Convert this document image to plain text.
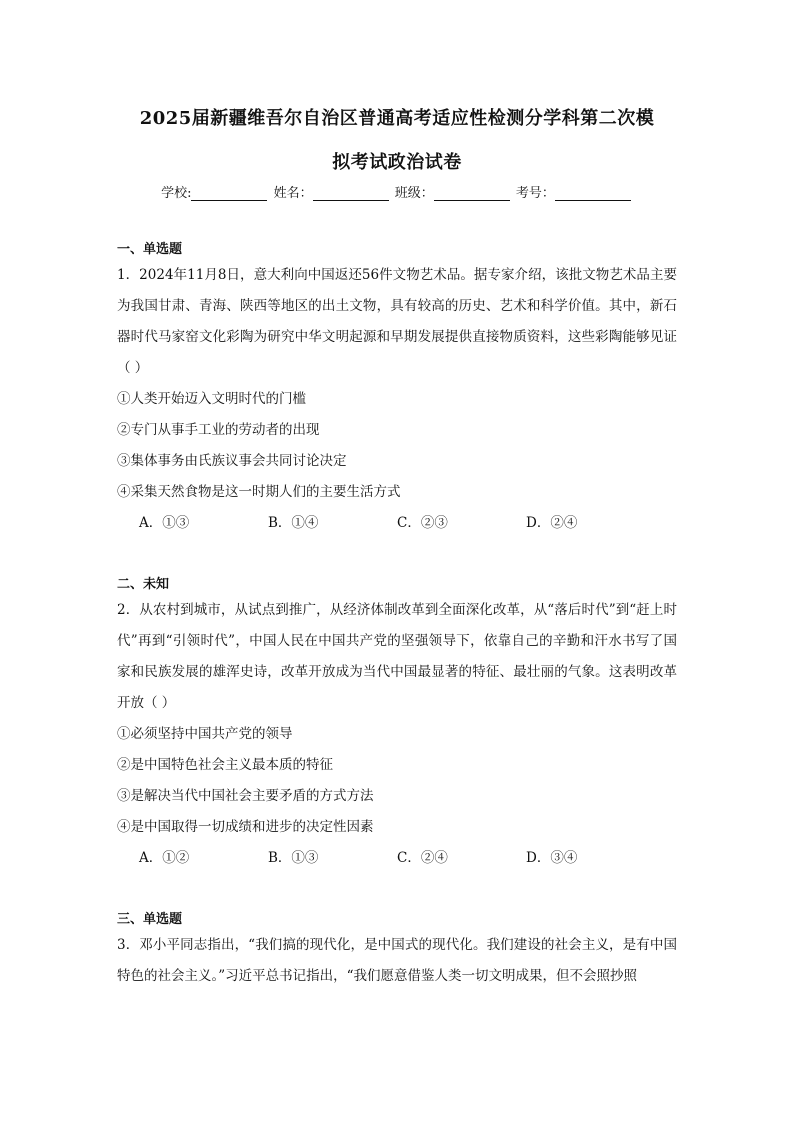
2025届新疆维吾尔自治区普通高考适应性检测分学科第二次模
拟考试政治试卷
学校:	姓名：	班级：	考号：
一、单选题
1．2024年11月8日，意大利向中国返还56件文物艺术品。据专家介绍，该批文物艺术品主要为我国甘肃、青海、陕西等地区的出土文物，具有较高的历史、艺术和科学价值。其中，新石器时代马家窑文化彩陶为研究中华文明起源和早期发展提供直接物质资料，这些彩陶能够见证（ ）
①人类开始迈入文明时代的门槛
②专门从事手工业的劳动者的出现
③集体事务由氏族议事会共同讨论决定
④采集天然食物是这一时期人们的主要生活方式
A．①③	B．①④	C．②③	D．②④
二、未知
2．从农村到城市，从试点到推广，从经济体制改革到全面深化改革，从“落后时代”到“赶上时代”再到“引领时代”，中国人民在中国共产党的坚强领导下，依靠自己的辛勤和汗水书写了国家和民族发展的雄浑史诗，改革开放成为当代中国最显著的特征、最壮丽的气象。这表明改革开放（ ）
①必须坚持中国共产党的领导
②是中国特色社会主义最本质的特征
③是解决当代中国社会主要矛盾的方式方法
④是中国取得一切成绩和进步的决定性因素
A．①②	B．①③	C．②④	D．③④
三、单选题
3．邓小平同志指出，“我们搞的现代化，是中国式的现代化。我们建设的社会主义，是有中国特色的社会主义。”习近平总书记指出，“我们愿意借鉴人类一切文明成果，但不会照抄照
